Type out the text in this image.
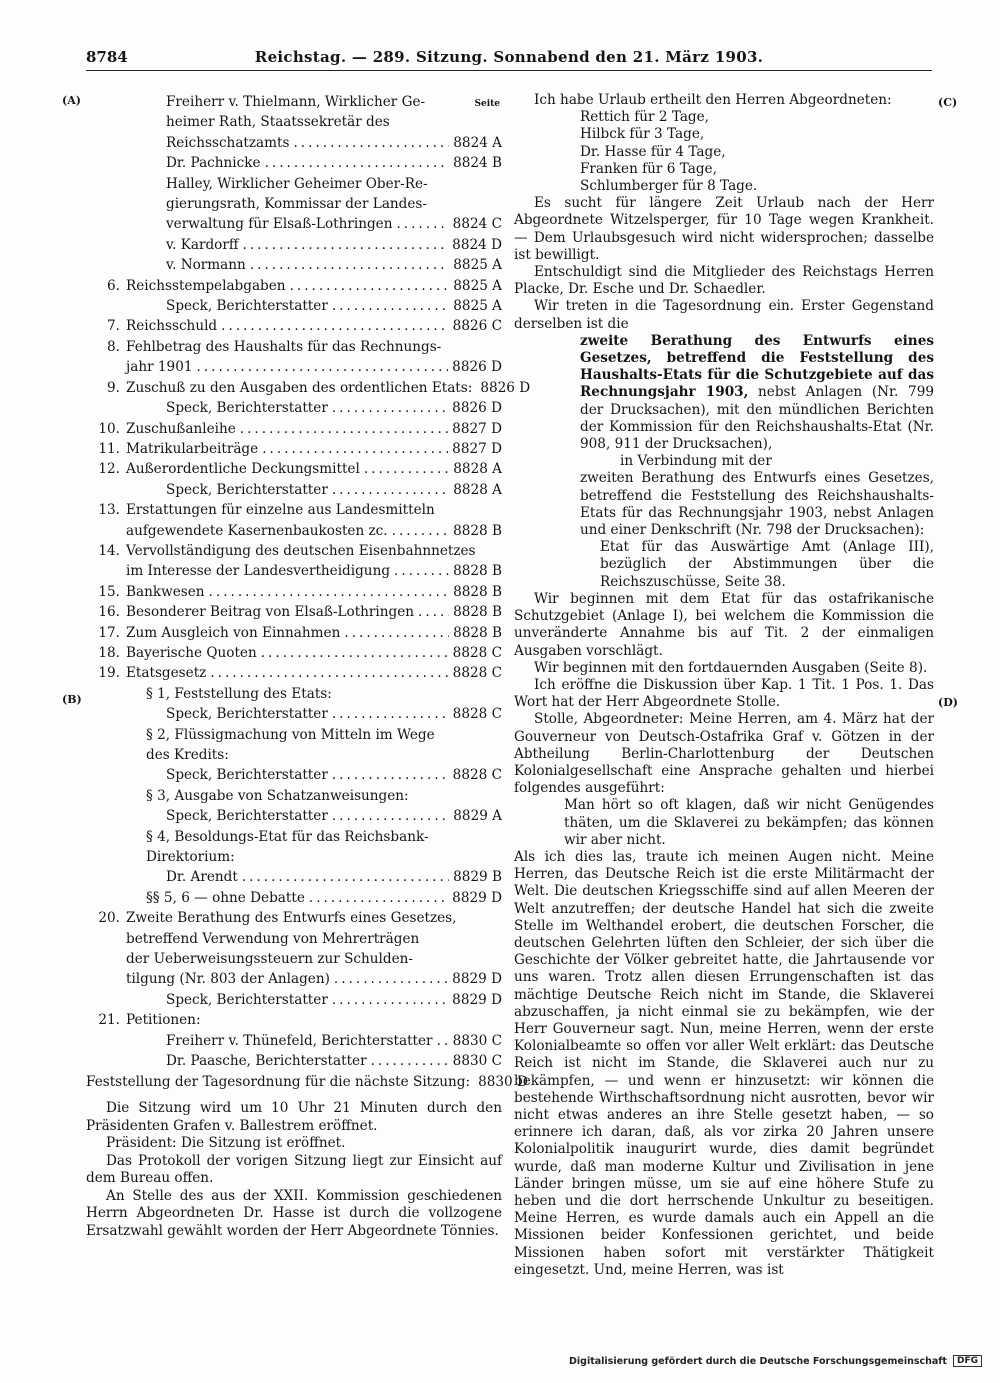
8784	Reichstag. — 289. Sitzung. Sonnabend den 21. März 1903.
(A)
(B)
(C)
(D)
Seite
Freiherr v. Thielmann, Wirklicher Ge-
heimer Rath, Staatssekretär des
Reichsschatzamts .....	8824 A
Dr. Pachnicke .....	8824 B
Halley, Wirklicher Geheimer Ober-Re-
gierungsrath, Kommissar der Landes-
verwaltung für Elsaß-Lothringen .....	8824 C
v. Kardorff .....	8824 D
v. Normann .....	8825 A
6. Reichsstempelabgaben .....	8825 A
Speck, Berichterstatter .....	8825 A
7. Reichsschuld .....	8826 C
8. Fehlbetrag des Haushalts für das Rechnungs-
jahr 1901 .....	8826 D
9. Zuschuß zu den Ausgaben des ordentlichen Etats: 8826 D
Speck, Berichterstatter .....	8826 D
10. Zuschußanleihe .....	8827 D
11. Matrikularbeiträge .....	8827 D
12. Außerordentliche Deckungsmittel .....	8828 A
Speck, Berichterstatter .....	8828 A
13. Erstattungen für einzelne aus Landesmitteln
aufgewendete Kasernenbaukosten zc. .....	8828 B
14. Vervollständigung des deutschen Eisenbahnnetzes
im Interesse der Landesvertheidigung .....	8828 B
15. Bankwesen .....	8828 B
16. Besonderer Beitrag von Elsaß-Lothringen .....	8828 B
17. Zum Ausgleich von Einnahmen .....	8828 B
18. Bayerische Quoten .....	8828 C
19. Etatsgesetz .....	8828 C
§ 1, Feststellung des Etats:
Speck, Berichterstatter .....	8828 C
§ 2, Flüssigmachung von Mitteln im Wege
des Kredits:
Speck, Berichterstatter .....	8828 C
§ 3, Ausgabe von Schatzanweisungen:
Speck, Berichterstatter .....	8829 A
§ 4, Besoldungs-Etat für das Reichsbank-
Direktorium:
Dr. Arendt .....	8829 B
§§ 5, 6 — ohne Debatte .....	8829 D
20. Zweite Berathung des Entwurfs eines Gesetzes,
betreffend Verwendung von Mehrerträgen
der Ueberweisungssteuern zur Schulden-
tilgung (Nr. 803 der Anlagen) .....	8829 D
Speck, Berichterstatter .....	8829 D
21. Petitionen:
Freiherr v. Thünefeld, Berichterstatter ..... 8830 C
Dr. Paasche, Berichterstatter .....	8830 C
Feststellung der Tagesordnung für die nächste Sitzung: 8830 D

Die Sitzung wird um 10 Uhr 21 Minuten durch den Präsidenten Grafen v. Ballestrem eröffnet.

Präsident: Die Sitzung ist eröffnet.

Das Protokoll der vorigen Sitzung liegt zur Einsicht auf dem Bureau offen.

An Stelle des aus der XXII. Kommission geschiedenen Herrn Abgeordneten Dr. Hasse ist durch die vollzogene Ersatzwahl gewählt worden der Herr Abgeordnete Tönnies.

Ich habe Urlaub ertheilt den Herren Abgeordneten:

Rettich für 2 Tage,
Hilbck für 3 Tage,
Dr. Hasse für 4 Tage,
Franken für 6 Tage,
Schlumberger für 8 Tage.

Es sucht für längere Zeit Urlaub nach der Herr Abgeordnete Witzelsperger, für 10 Tage wegen Krankheit. — Dem Urlaubsgesuch wird nicht widersprochen; dasselbe ist bewilligt.

Entschuldigt sind die Mitglieder des Reichstags Herren Placke, Dr. Esche und Dr. Schaedler.

Wir treten in die Tagesordnung ein. Erster Gegenstand derselben ist die

zweite Berathung des Entwurfs eines Gesetzes, betreffend die Feststellung des Haushalts-Etats für die Schutzgebiete auf das Rechnungsjahr 1903, nebst Anlagen (Nr. 799 der Drucksachen), mit den mündlichen Berichten der Kommission für den Reichshaushalts-Etat (Nr. 908, 911 der Drucksachen),

in Verbindung mit der

zweiten Berathung des Entwurfs eines Gesetzes, betreffend die Feststellung des Reichshaushalts-Etats für das Rechnungsjahr 1903, nebst Anlagen und einer Denkschrift (Nr. 798 der Drucksachen):

Etat für das Auswärtige Amt (Anlage III), bezüglich der Abstimmungen über die Reichszuschüsse, Seite 38.

Wir beginnen mit dem Etat für das ostafrikanische Schutzgebiet (Anlage I), bei welchem die Kommission die unveränderte Annahme bis auf Tit. 2 der einmaligen Ausgaben vorschlägt.

Wir beginnen mit den fortdauernden Ausgaben (Seite 8).

Ich eröffne die Diskussion über Kap. 1 Tit. 1 Pos. 1. Das Wort hat der Herr Abgeordnete Stolle.

Stolle, Abgeordneter: Meine Herren, am 4. März hat der Gouverneur von Deutsch-Ostafrika Graf v. Götzen in der Abtheilung Berlin-Charlottenburg der Deutschen Kolonialgesellschaft eine Ansprache gehalten und hierbei folgendes ausgeführt:

Man hört so oft klagen, daß wir nicht Genügendes thäten, um die Sklaverei zu bekämpfen; das können wir aber nicht.

Als ich dies las, traute ich meinen Augen nicht. Meine Herren, das Deutsche Reich ist die erste Militärmacht der Welt. Die deutschen Kriegsschiffe sind auf allen Meeren der Welt anzutreffen; der deutsche Handel hat sich die zweite Stelle im Welthandel erobert, die deutschen Forscher, die deutschen Gelehrten lüften den Schleier, der sich über die Geschichte der Völker gebreitet hatte, die Jahrtausende vor uns waren. Trotz allen diesen Errungenschaften ist das mächtige Deutsche Reich nicht im Stande, die Sklaverei abzuschaffen, ja nicht einmal sie zu bekämpfen, wie der Herr Gouverneur sagt. Nun, meine Herren, wenn der erste Kolonialbeamte so offen vor aller Welt erklärt: das Deutsche Reich ist nicht im Stande, die Sklaverei auch nur zu bekämpfen, — und wenn er hinzusetzt: wir können die bestehende Wirthschaftsordnung nicht ausrotten, bevor wir nicht etwas anderes an ihre Stelle gesetzt haben, — so erinnere ich daran, daß, als vor zirka 20 Jahren unsere Kolonialpolitik inaugurirt wurde, dies damit begründet wurde, daß man moderne Kultur und Zivilisation in jene Länder bringen müsse, um sie auf eine höhere Stufe zu heben und die dort herrschende Unkultur zu beseitigen. Meine Herren, es wurde damals auch ein Appell an die Missionen beider Konfessionen gerichtet, und beide Missionen haben sofort mit verstärkter Thätigkeit eingesetzt. Und, meine Herren, was ist

Digitalisierung gefördert durch die Deutsche Forschungsgemeinschaft	DFG
